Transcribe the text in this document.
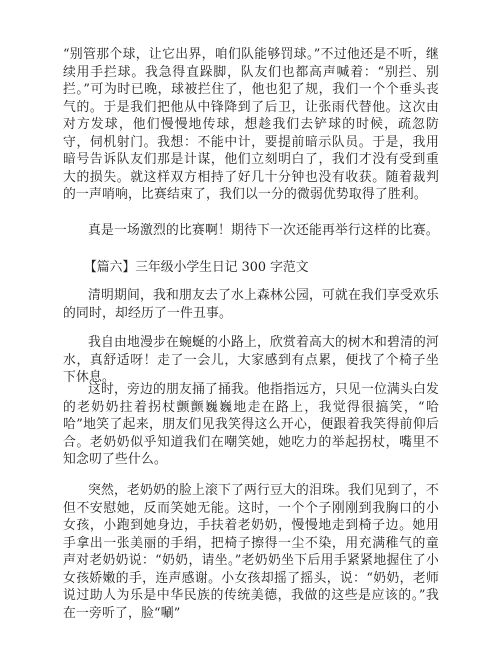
“别管那个球，让它出界，咱们队能够罚球。”不过他还是不听，继续用手拦球。我急得直跺脚，队友们也都高声喊着：“别拦、别拦。”可为时已晚，球被拦住了，他也犯了规，我们一个个垂头丧气的。于是我们把他从中锋降到了后卫，让张雨代替他。这次由对方发球，他们慢慢地传球，想趁我们去铲球的时候，疏忽防守，伺机射门。我想：不能中计，要提前暗示队员。于是，我用暗号告诉队友们那是计谋，他们立刻明白了，我们才没有受到重大的损失。就这样双方相持了好几十分钟也没有收获。随着裁判的一声哨响，比赛结束了，我们以一分的微弱优势取得了胜利。

真是一场激烈的比赛啊！期待下一次还能再举行这样的比赛。

【篇六】三年级小学生日记 300 字范文

清明期间，我和朋友去了水上森林公园，可就在我们享受欢乐的同时，却经历了一件丑事。

我自由地漫步在蜿蜒的小路上，欣赏着高大的树木和碧清的河水，真舒适呀！走了一会儿，大家感到有点累，便找了个椅子坐下休息。

这时，旁边的朋友捅了捅我。他指指远方，只见一位满头白发的老奶奶拄着拐杖颤颤巍巍地走在路上，我觉得很搞笑，“哈哈”地笑了起来，朋友们见我笑得这么开心，便跟着我笑得前仰后合。老奶奶似乎知道我们在嘲笑她，她吃力的举起拐杖，嘴里不知念叨了些什么。

突然，老奶奶的脸上滚下了两行豆大的泪珠。我们见到了，不但不安慰她，反而笑她无能。这时，一个个子刚刚到我胸口的小女孩，小跑到她身边，手扶着老奶奶，慢慢地走到椅子边。她用手拿出一张美丽的手绢，把椅子擦得一尘不染，用充满稚气的童声对老奶奶说：“奶奶，请坐。”老奶奶坐下后用手紧紧地握住了小女孩娇嫩的手，连声感谢。小女孩却摇了摇头，说：“奶奶，老师说过助人为乐是中华民族的传统美德，我做的这些是应该的。”我在一旁听了，脸“唰”
